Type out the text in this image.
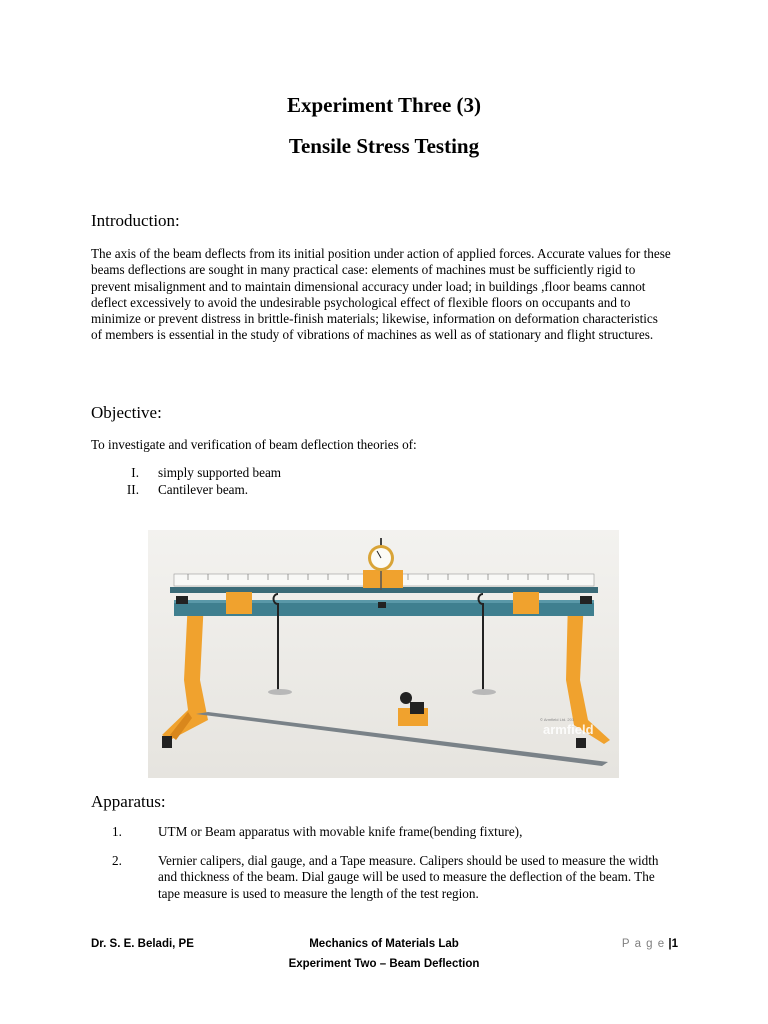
Experiment Three (3)
Tensile Stress Testing
Introduction:
The axis of the beam deflects from its initial position under action of applied forces. Accurate values for these beams deflections are sought in many practical case: elements of machines must be sufficiently rigid to prevent misalignment and to maintain dimensional accuracy under load; in buildings ,floor beams cannot deflect excessively to avoid the undesirable psychological effect of flexible floors on occupants and to minimize or prevent distress in brittle-finish materials; likewise, information on deformation characteristics of members is essential in the study of vibrations of machines as well as of stationary and flight structures.
Objective:
To investigate and verification of beam deflection theories of:
I. simply supported beam
II. Cantilever beam.
armfield
© Armfield Ltd. 201
Apparatus:
1.	UTM or Beam apparatus with movable knife frame(bending fixture),
2.	Vernier calipers, dial gauge, and a Tape measure. Calipers should be used to measure the width and thickness of the beam. Dial gauge will be used to measure the deflection of the beam. The tape measure is used to measure the length of the test region.
Dr. S. E. Beladi, PE	Mechanics of Materials Lab	P a g e |1
Experiment Two – Beam Deflection
